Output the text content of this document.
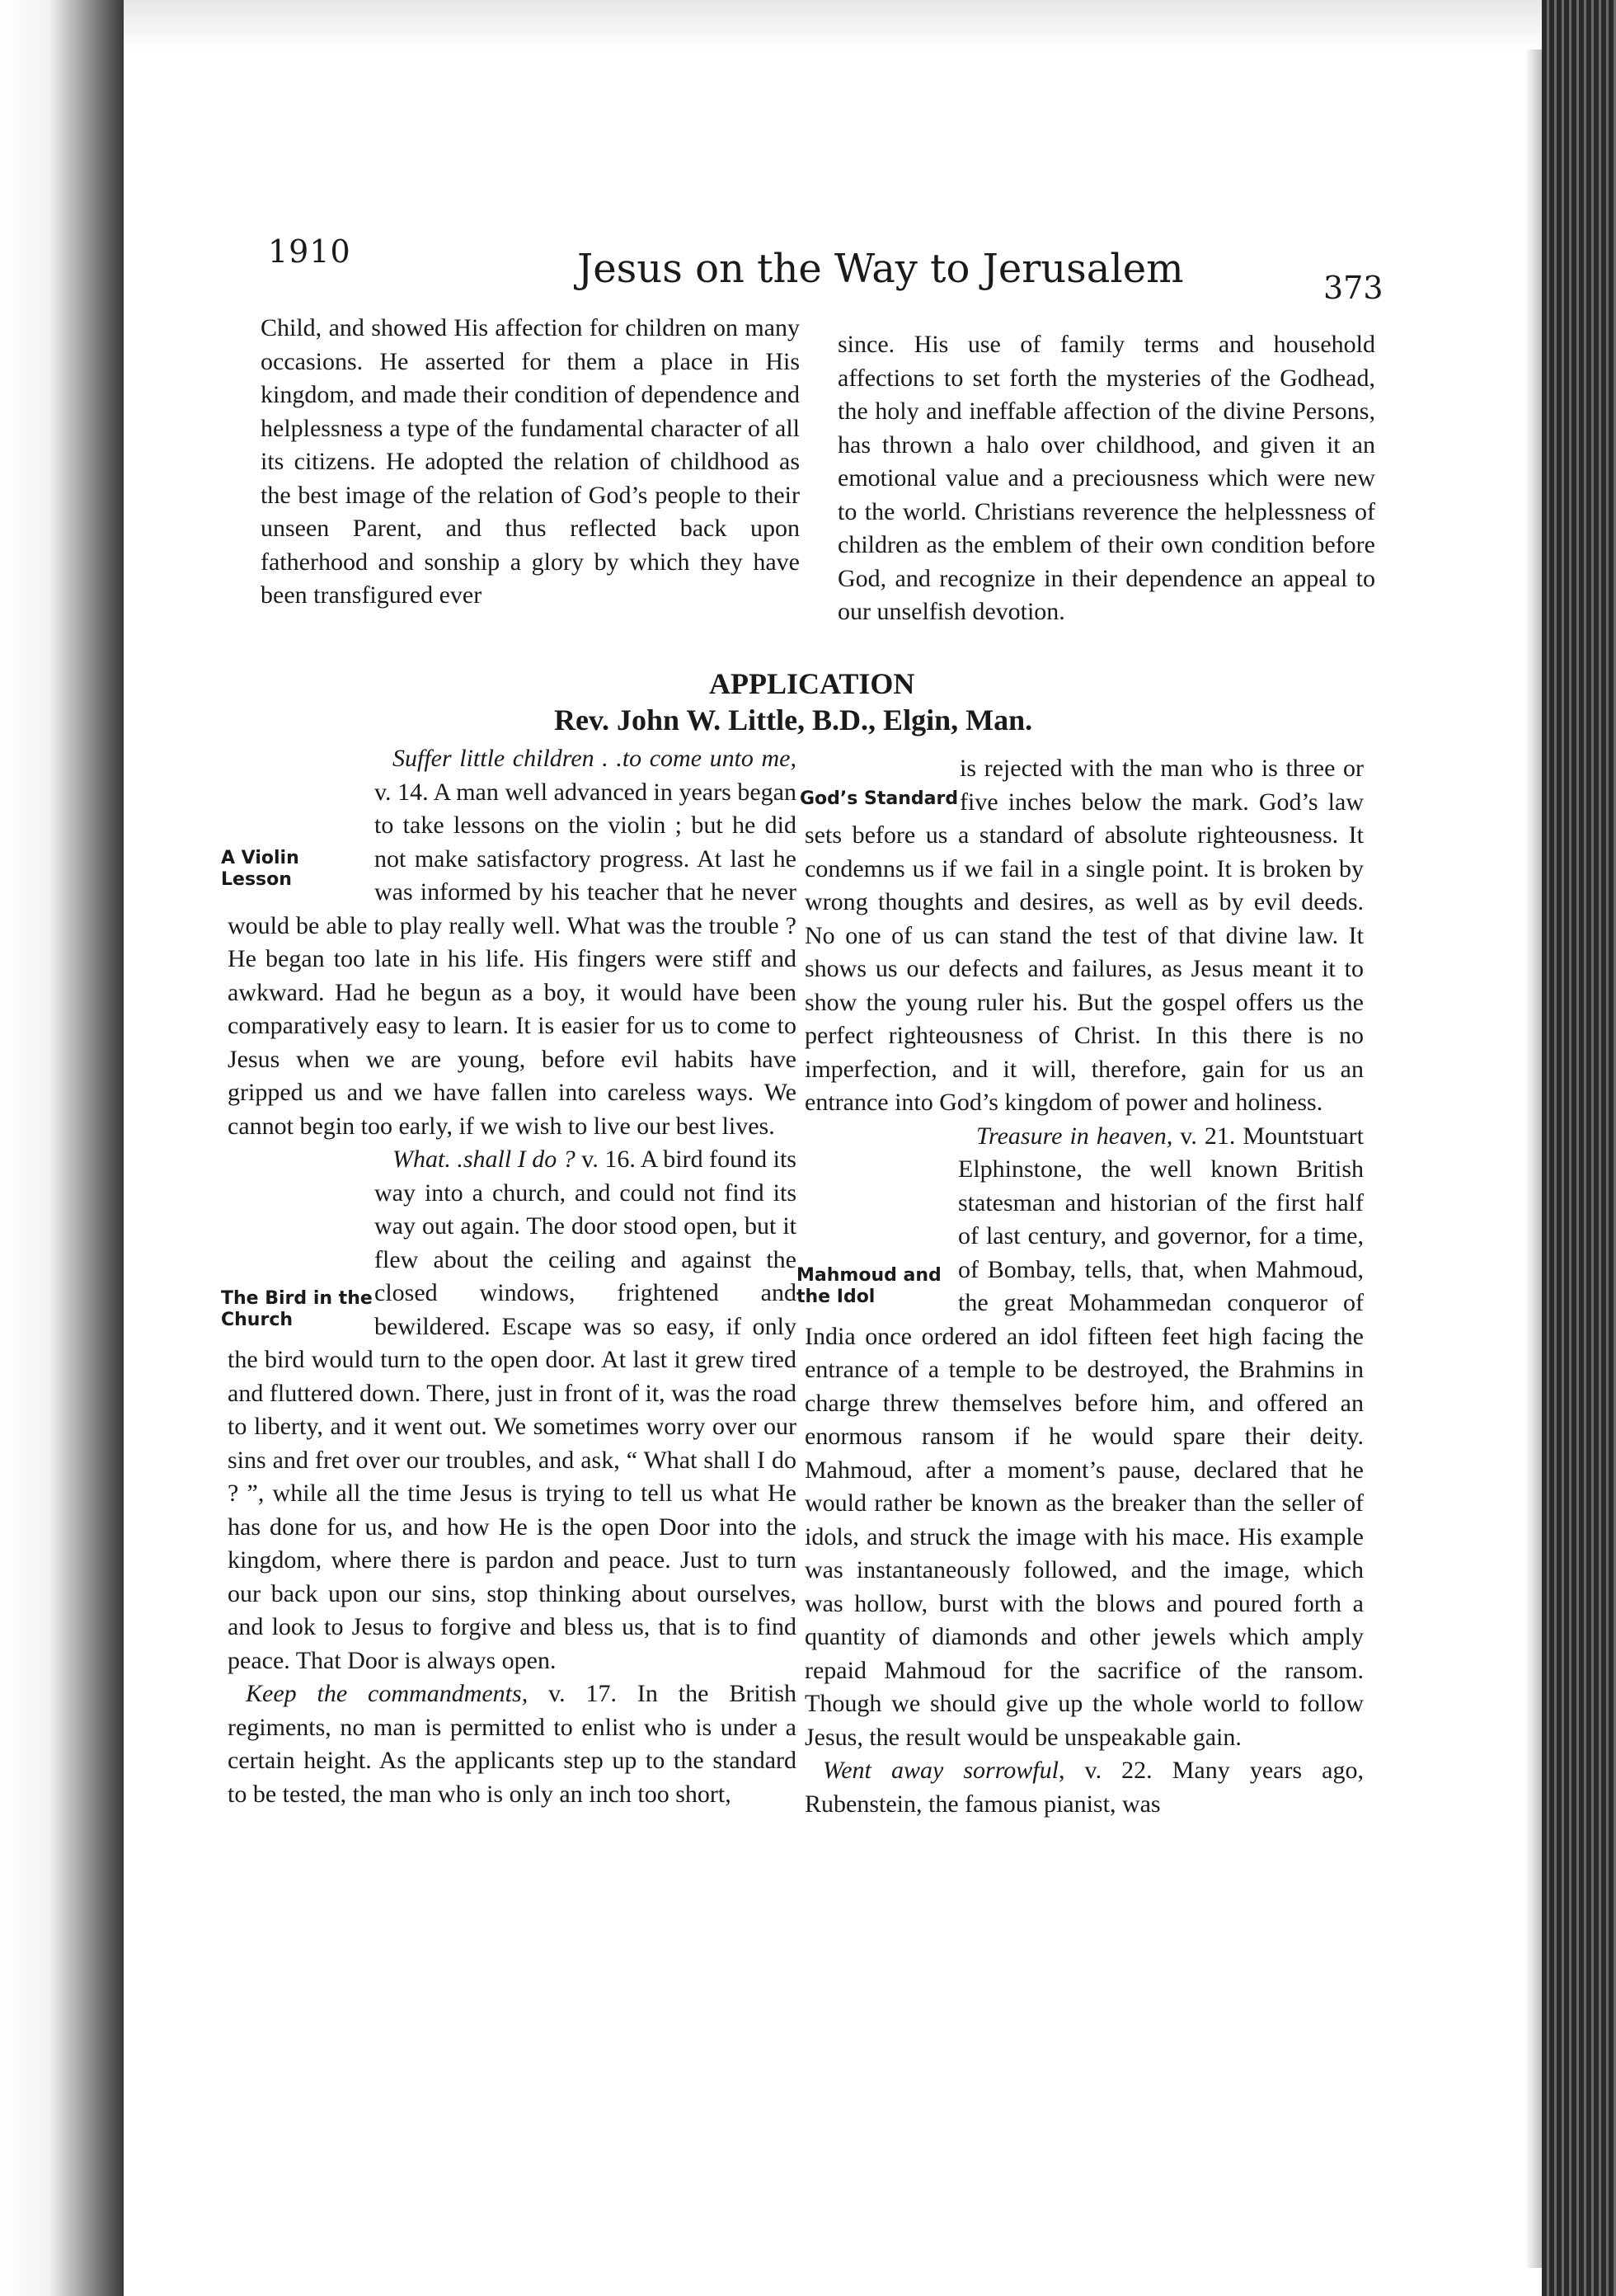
1910	Jesus on the Way to Jerusalem	373

Child, and showed His affection for children on many occasions. He asserted for them a place in His kingdom, and made their condition of dependence and helplessness a type of the fundamental character of all its citizens. He adopted the relation of childhood as the best image of the relation of God’s people to their unseen Parent, and thus reflected back upon fatherhood and sonship a glory by which they have been transfigured ever

since. His use of family terms and household affections to set forth the mysteries of the Godhead, the holy and ineffable affection of the divine Persons, has thrown a halo over childhood, and given it an emotional value and a preciousness which were new to the world. Christians reverence the helplessness of children as the emblem of their own condition before God, and recognize in their dependence an appeal to our unselfish devotion.

APPLICATION
Rev. John W. Little, B.D., Elgin, Man.
A Violin Lesson

Suffer little children . .to come unto me, v. 14. A man well advanced in years began to take lessons on the violin ; but he did not make satisfactory progress. At last he was informed by his teacher that he never would be able to play really well. What was the trouble ? He began too late in his life. His fingers were stiff and awkward. Had he begun as a boy, it would have been comparatively easy to learn. It is easier for us to come to Jesus when we are young, before evil habits have gripped us and we have fallen into careless ways. We cannot begin too early, if we wish to live our best lives.

The Bird in the Church

What. .shall I do ? v. 16. A bird found its way into a church, and could not find its way out again. The door stood open, but it flew about the ceiling and against the closed windows, frightened and bewildered. Escape was so easy, if only the bird would turn to the open door. At last it grew tired and fluttered down. There, just in front of it, was the road to liberty, and it went out. We sometimes worry over our sins and fret over our troubles, and ask, “ What shall I do ? ”, while all the time Jesus is trying to tell us what He has done for us, and how He is the open Door into the kingdom, where there is pardon and peace. Just to turn our back upon our sins, stop thinking about ourselves, and look to Jesus to forgive and bless us, that is to find peace. That Door is always open.

Keep the commandments, v. 17. In the British regiments, no man is permitted to enlist who is under a certain height. As the applicants step up to the standard to be tested, the man who is only an inch too short,

God’s Standard

is rejected with the man who is three or five inches below the mark. God’s law sets before us a standard of absolute righteousness. It condemns us if we fail in a single point. It is broken by wrong thoughts and desires, as well as by evil deeds. No one of us can stand the test of that divine law. It shows us our defects and failures, as Jesus meant it to show the young ruler his. But the gospel offers us the perfect righteousness of Christ. In this there is no imperfection, and it will, therefore, gain for us an entrance into God’s kingdom of power and holiness.

Mahmoud and the Idol

Treasure in heaven, v. 21. Mountstuart Elphinstone, the well known British statesman and historian of the first half of last century, and governor, for a time, of Bombay, tells, that, when Mahmoud, the great Mohammedan conqueror of India once ordered an idol fifteen feet high facing the entrance of a temple to be destroyed, the Brahmins in charge threw themselves before him, and offered an enormous ransom if he would spare their deity. Mahmoud, after a moment’s pause, declared that he would rather be known as the breaker than the seller of idols, and struck the image with his mace. His example was instantaneously followed, and the image, which was hollow, burst with the blows and poured forth a quantity of diamonds and other jewels which amply repaid Mahmoud for the sacrifice of the ransom. Though we should give up the whole world to follow Jesus, the result would be unspeakable gain.

Went away sorrowful, v. 22. Many years ago, Rubenstein, the famous pianist, was
